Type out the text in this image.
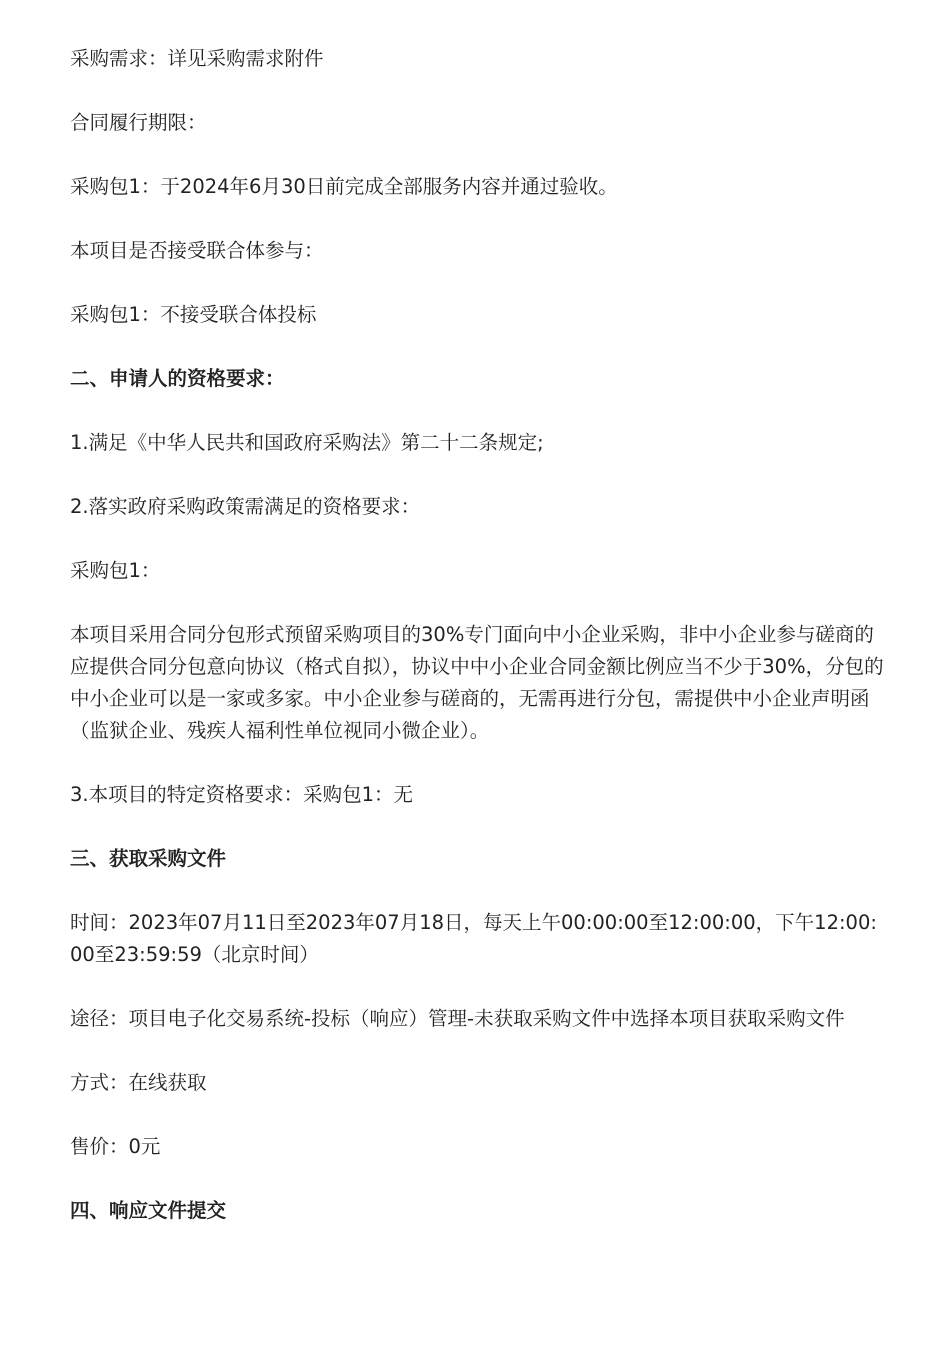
采购需求：详见采购需求附件

合同履行期限：

采购包1：于2024年6月30日前完成全部服务内容并通过验收。

本项目是否接受联合体参与：

采购包1：不接受联合体投标

二、申请人的资格要求：

1.满足《中华人民共和国政府采购法》第二十二条规定;

2.落实政府采购政策需满足的资格要求：

采购包1：

本项目采用合同分包形式预留采购项目的30%专门面向中小企业采购，非中小企业参与磋商的应提供合同分包意向协议（格式自拟），协议中中小企业合同金额比例应当不少于30%，分包的中小企业可以是一家或多家。中小企业参与磋商的，无需再进行分包，需提供中小企业声明函（监狱企业、残疾人福利性单位视同小微企业）。

3.本项目的特定资格要求：采购包1：无

三、获取采购文件

时间：2023年07月11日至2023年07月18日，每天上午00:00:00至12:00:00，下午12:00:00至23:59:59（北京时间）

途径：项目电子化交易系统-投标（响应）管理-未获取采购文件中选择本项目获取采购文件

方式：在线获取

售价：0元

四、响应文件提交
